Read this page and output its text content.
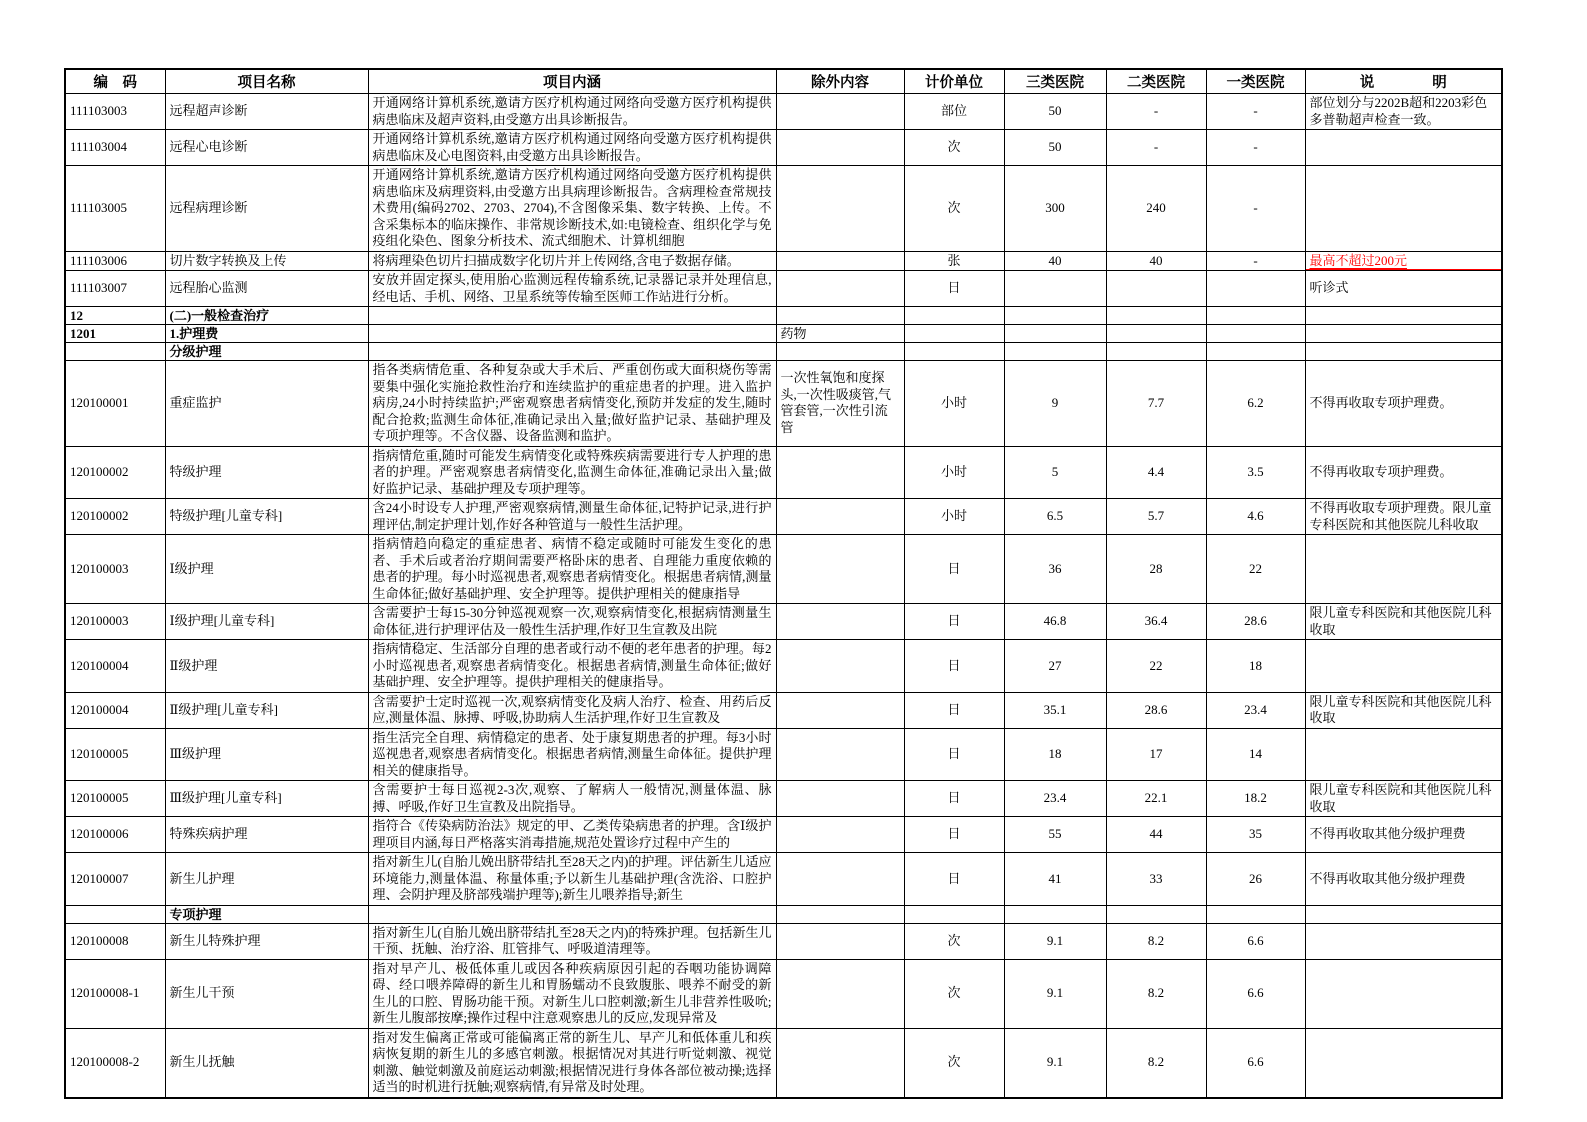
编　码	项目名称	项目内涵	除外内容	计价单位	三类医院	二类医院	一类医院	说　　　　明
111103003	远程超声诊断	开通网络计算机系统,邀请方医疗机构通过网络向受邀方医疗机构提供病患临床及超声资料,由受邀方出具诊断报告。		部位	50	-	-	部位划分与2202B超和2203彩色多普勒超声检查一致。
111103004	远程心电诊断	开通网络计算机系统,邀请方医疗机构通过网络向受邀方医疗机构提供病患临床及心电图资料,由受邀方出具诊断报告。		次	50	-	-	
111103005	远程病理诊断	开通网络计算机系统,邀请方医疗机构通过网络向受邀方医疗机构提供病患临床及病理资料,由受邀方出具病理诊断报告。含病理检查常规技术费用(编码2702、2703、2704),不含图像采集、数字转换、上传。不含采集标本的临床操作、非常规诊断技术,如:电镜检查、组织化学与免疫组化染色、图象分析技术、流式细胞术、计算机细胞		次	300	240	-	
111103006	切片数字转换及上传	将病理染色切片扫描成数字化切片并上传网络,含电子数据存储。		张	40	40	-	最高不超过200元
111103007	远程胎心监测	安放并固定探头,使用胎心监测远程传输系统,记录器记录并处理信息,经电话、手机、网络、卫星系统等传输至医师工作站进行分析。		日				听诊式
12	(二)一般检查治疗							
1201	1.护理费		药物					
	分级护理							
120100001	重症监护	指各类病情危重、各种复杂或大手术后、严重创伤或大面积烧伤等需要集中强化实施抢救性治疗和连续监护的重症患者的护理。进入监护病房,24小时持续监护;严密观察患者病情变化,预防并发症的发生,随时配合抢救;监测生命体征,准确记录出入量;做好监护记录、基础护理及专项护理等。不含仪器、设备监测和监护。	一次性氧饱和度探头,一次性吸痰管,气管套管,一次性引流管	小时	9	7.7	6.2	不得再收取专项护理费。
120100002	特级护理	指病情危重,随时可能发生病情变化或特殊疾病需要进行专人护理的患者的护理。严密观察患者病情变化,监测生命体征,准确记录出入量;做好监护记录、基础护理及专项护理等。		小时	5	4.4	3.5	不得再收取专项护理费。
120100002	特级护理[儿童专科]	含24小时设专人护理,严密观察病情,测量生命体征,记特护记录,进行护理评估,制定护理计划,作好各种管道与一般性生活护理。		小时	6.5	5.7	4.6	不得再收取专项护理费。限儿童专科医院和其他医院儿科收取
120100003	Ⅰ级护理	指病情趋向稳定的重症患者、病情不稳定或随时可能发生变化的患者、手术后或者治疗期间需要严格卧床的患者、自理能力重度依赖的患者的护理。每小时巡视患者,观察患者病情变化。根据患者病情,测量生命体征;做好基础护理、安全护理等。提供护理相关的健康指导		日	36	28	22	
120100003	Ⅰ级护理[儿童专科]	含需要护士每15-30分钟巡视观察一次,观察病情变化,根据病情测量生命体征,进行护理评估及一般性生活护理,作好卫生宣教及出院		日	46.8	36.4	28.6	限儿童专科医院和其他医院儿科收取
120100004	Ⅱ级护理	指病情稳定、生活部分自理的患者或行动不便的老年患者的护理。每2小时巡视患者,观察患者病情变化。根据患者病情,测量生命体征;做好基础护理、安全护理等。提供护理相关的健康指导。		日	27	22	18	
120100004	Ⅱ级护理[儿童专科]	含需要护士定时巡视一次,观察病情变化及病人治疗、检查、用药后反应,测量体温、脉搏、呼吸,协助病人生活护理,作好卫生宣教及		日	35.1	28.6	23.4	限儿童专科医院和其他医院儿科收取
120100005	Ⅲ级护理	指生活完全自理、病情稳定的患者、处于康复期患者的护理。每3小时巡视患者,观察患者病情变化。根据患者病情,测量生命体征。提供护理相关的健康指导。		日	18	17	14	
120100005	Ⅲ级护理[儿童专科]	含需要护士每日巡视2-3次,观察、了解病人一般情况,测量体温、脉搏、呼吸,作好卫生宣教及出院指导。		日	23.4	22.1	18.2	限儿童专科医院和其他医院儿科收取
120100006	特殊疾病护理	指符合《传染病防治法》规定的甲、乙类传染病患者的护理。含Ⅰ级护理项目内涵,每日严格落实消毒措施,规范处置诊疗过程中产生的		日	55	44	35	不得再收取其他分级护理费
120100007	新生儿护理	指对新生儿(自胎儿娩出脐带结扎至28天之内)的护理。评估新生儿适应环境能力,测量体温、称量体重;予以新生儿基础护理(含洗浴、口腔护理、会阴护理及脐部残端护理等);新生儿喂养指导;新生		日	41	33	26	不得再收取其他分级护理费
	专项护理							
120100008	新生儿特殊护理	指对新生儿(自胎儿娩出脐带结扎至28天之内)的特殊护理。包括新生儿干预、抚触、治疗浴、肛管排气、呼吸道清理等。		次	9.1	8.2	6.6	
120100008-1	新生儿干预	指对早产儿、极低体重儿或因各种疾病原因引起的吞咽功能协调障碍、经口喂养障碍的新生儿和胃肠蠕动不良致腹胀、喂养不耐受的新生儿的口腔、胃肠功能干预。对新生儿口腔刺激;新生儿非营养性吸吮;新生儿腹部按摩;操作过程中注意观察患儿的反应,发现异常及		次	9.1	8.2	6.6	
120100008-2	新生儿抚触	指对发生偏离正常或可能偏离正常的新生儿、早产儿和低体重儿和疾病恢复期的新生儿的多感官刺激。根据情况对其进行听觉刺激、视觉刺激、触觉刺激及前庭运动刺激;根据情况进行身体各部位被动操;选择适当的时机进行抚触;观察病情,有异常及时处理。		次	9.1	8.2	6.6	
